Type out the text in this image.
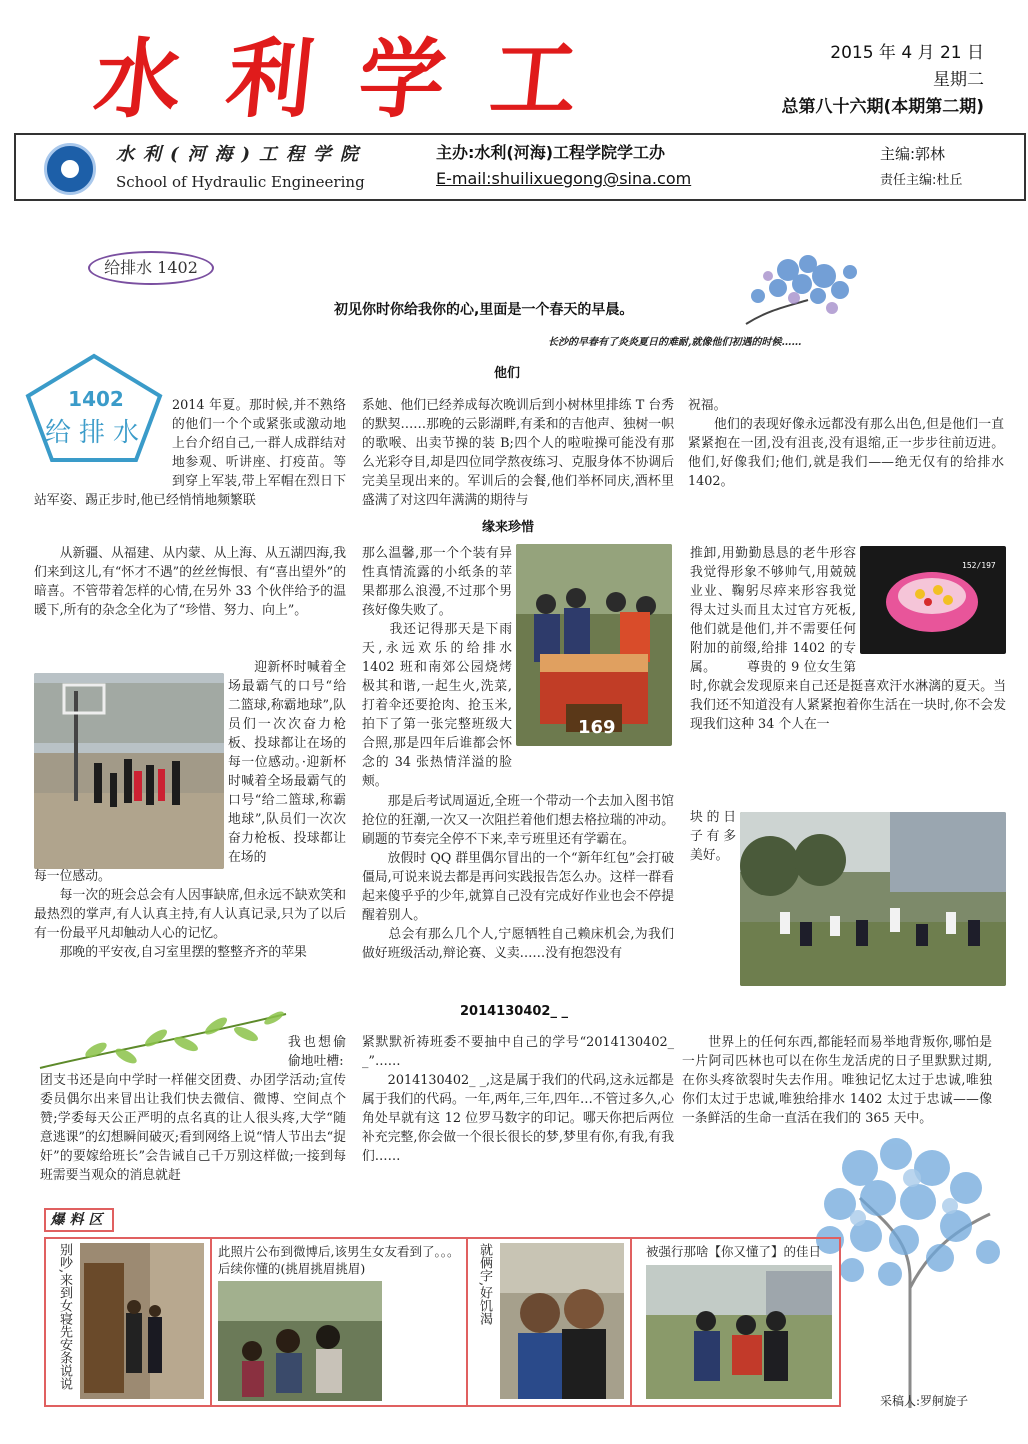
水利学工	2015 年 4 月 21 日
星期二
总第八十六期(本期第二期)
水利(河海)工程学院
School of Hydraulic Engineering
主办:水利(河海)工程学院学工办
E-mail:shuilixuegong@sina.com
主编:郭林
责任主编:杜丘
给排水 1402
初见你时你给我你的心,里面是一个春天的早晨。
长沙的早春有了炎炎夏日的难耐,就像他们初遇的时候……
他们
1402
给排水
2014 年夏。那时候,并不熟络的他们一个个或紧张或激动地上台介绍自己,一群人成群结对地参观、听讲座、打疫苗。等到穿上军装,带上军帽在烈日下站军姿、踢正步时,他已经悄悄地频繁联
系她、他们已经养成每次晚训后到小树林里排练 T 台秀的默契……那晚的云影湖畔,有柔和的吉他声、独树一帜的歌喉、出卖节操的装 B;四个人的啦啦操可能没有那么光彩夺目,却是四位同学熬夜练习、克服身体不协调后完美呈现出来的。军训后的会餐,他们举杯同庆,酒杯里盛满了对这四年满满的期待与
祝福。
　　他们的表现好像永远都没有那么出色,但是他们一直紧紧抱在一团,没有沮丧,没有退缩,正一步步往前迈进。他们,好像我们;他们,就是我们——绝无仅有的给排水 1402。
缘来珍惜
　　从新疆、从福建、从内蒙、从上海、从五湖四海,我们来到这儿,有“怀才不遇”的丝丝悔恨、有“喜出望外”的暗喜。不管带着怎样的心情,在另外 33 个伙伴给予的温暖下,所有的杂念全化为了“珍惜、努力、向上”。
　　迎新杯时喊着全场最霸气的口号“给二篮球,称霸地球”,队员们一次次奋力枪板、投球都让在场的每一位感动。·迎新杯时喊着全场最霸气的口号“给二篮球,称霸地球”,队员们一次次奋力枪板、投球都让在场的
每一位感动。
　　每一次的班会总会有人因事缺席,但永远不缺欢笑和最热烈的掌声,有人认真主持,有人认真记录,只为了以后有一份最平凡却触动人心的记忆。
　　那晚的平安夜,自习室里摆的整整齐齐的苹果
那么温馨,那一个个装有异性真情流露的小纸条的苹果都那么浪漫,不过那个男孩好像失败了。
　　我还记得那天是下雨天,永远欢乐的给排水 1402 班和南郊公园烧烤极其和谐,一起生火,洗菜,打着伞还要抢肉、抢玉米,拍下了第一张完整班级大合照,那是四年后谁都会怀念的 34 张热情洋溢的脸颊。
169
　　那是后考试周逼近,全班一个带动一个去加入图书馆抢位的狂潮,一次又一次阻拦着他们想去格拉瑞的冲动。刷题的节奏完全停不下来,幸亏班里还有学霸在。
　　放假时 QQ 群里偶尔冒出的一个“新年红包”会打破僵局,可说来说去都是再问实践报告怎么办。这样一群看起来傻乎乎的少年,就算自己没有完成好作业也会不停提醒着别人。
　　总会有那么几个人,宁愿牺牲自己赖床机会,为我们做好班级活动,辩论赛、义卖……没有抱怨没有
推卸,用勤勤恳恳的老牛形容我觉得形象不够帅气,用兢兢业业、鞠躬尽瘁来形容我觉得太过头而且太过官方死板,他们就是他们,并不需要任何附加的前缀,给排 1402 的专属。 　　尊贵的 9 位女生第
152/197
　　 时,你就会发现原来自己还是挺喜欢汗水淋漓的夏天。当我们还不知道没有人紧紧抱着你生活在一块时,你不会发现我们这种 34 个人在一
块的日子有多美好。
2014130402_ _
我也想偷偷地吐槽:
团支书还是向中学时一样催交团费、办团学活动;宣传委员偶尔出来冒出让我们快去微信、微博、空间点个赞;学委每天公正严明的点名真的让人很头疼,大学“随意逃课”的幻想瞬间破灭;看到网络上说“情人节出去“捉奸”的要嫁给班长”会告诫自己千万别这样做;一接到每班需要当观众的消息就赶
紧默默祈祷班委不要抽中自己的学号“2014130402_ _”……
　　2014130402_ _,这是属于我们的代码,这永远都是属于我们的代码。一年,两年,三年,四年…不管过多久,心角处早就有这 12 位罗马数字的印记。哪天你把后两位补充完整,你会做一个很长很长的梦,梦里有你,有我,有我们……
　　世界上的任何东西,都能轻而易举地背叛你,哪怕是一片阿司匹林也可以在你生龙活虎的日子里默默过期,在你头疼欲裂时失去作用。唯独记忆太过于忠诚,唯独你们太过于忠诚,唯独给排水 1402 太过于忠诚——像一条鲜活的生命一直活在我们的 365 天中。
爆料区
别吵,来到女寝先安条说说	此照片公布到微博后,该男生女友看到了。。。后续你懂的(挑眉挑眉挑眉)	就俩字,好饥渴	被强行那啥【你又懂了】的佳日
采稿人:罗舸旋子
